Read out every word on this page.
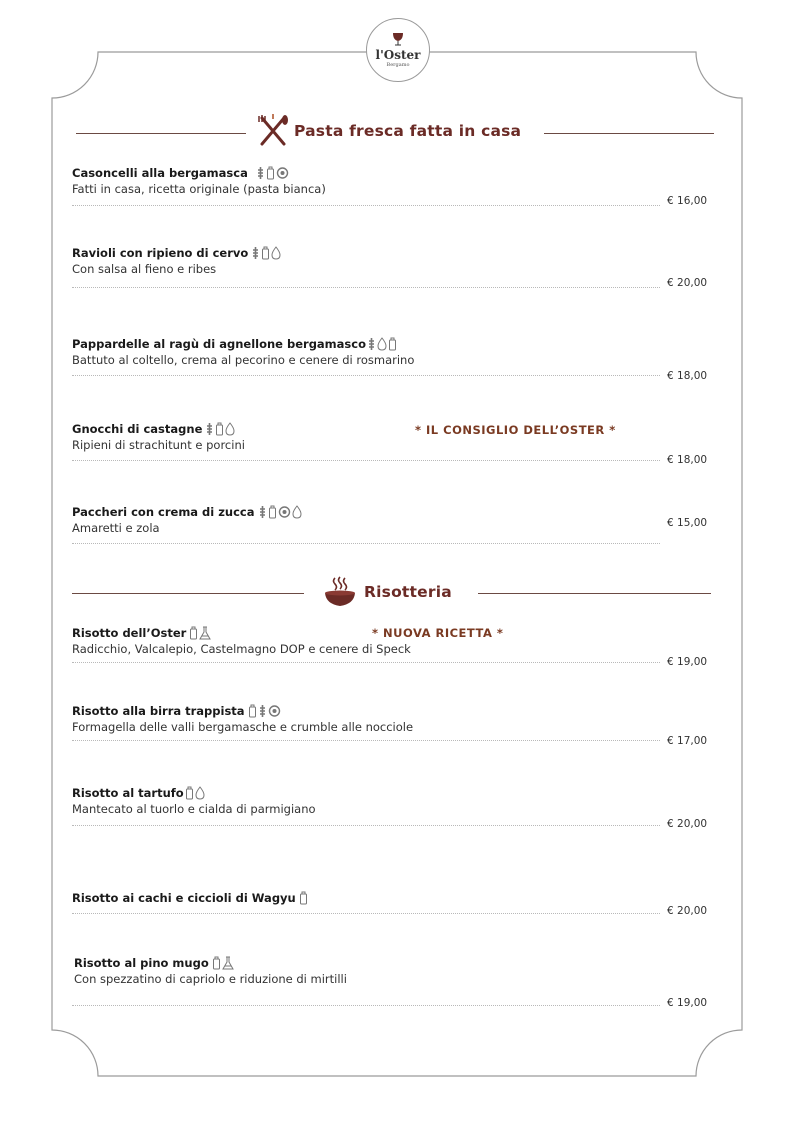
l'Oster
Bergamo
Pasta fresca fatta in casa
Casoncelli alla bergamasca
Fatti in casa, ricetta originale (pasta bianca)
€ 16,00
Ravioli con ripieno di cervo
Con salsa al fieno e ribes
€ 20,00
Pappardelle al ragù di agnellone bergamasco
Battuto al coltello, crema al pecorino e cenere di rosmarino
€ 18,00
Gnocchi di castagne
Ripieni di strachitunt e porcini
* IL CONSIGLIO DELL’OSTER *
€ 18,00
Paccheri con crema di zucca
Amaretti e zola	€ 15,00
Risotteria
Risotto dell’Oster
Radicchio, Valcalepio, Castelmagno DOP e cenere di Speck
* NUOVA RICETTA *
€ 19,00
Risotto alla birra trappista
Formagella delle valli bergamasche e crumble alle nocciole
€ 17,00
Risotto al tartufo
Mantecato al tuorlo e cialda di parmigiano
€ 20,00
Risotto ai cachi e ciccioli di Wagyu
€ 20,00
Risotto al pino mugo
Con spezzatino di capriolo e riduzione di mirtilli
€ 19,00
